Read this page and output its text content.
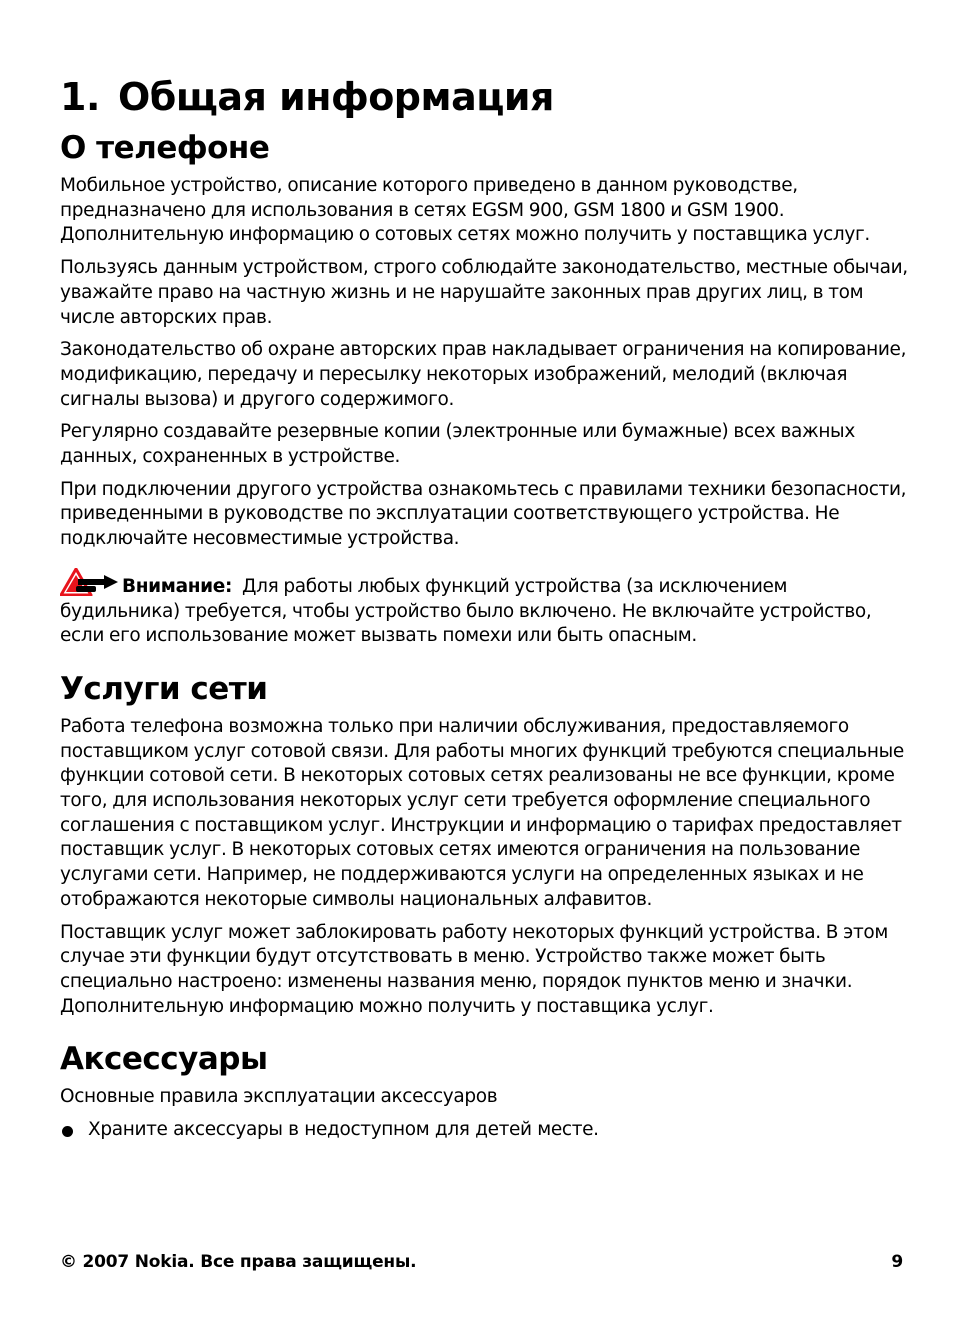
1. Общая информация
О телефоне

Мобильное устройство, описание которого приведено в данном руководстве, предназначено для использования в сетях EGSM 900, GSM 1800 и GSM 1900. Дополнительную информацию о сотовых сетях можно получить у поставщика услуг.

Пользуясь данным устройством, строго соблюдайте законодательство, местные обычаи, уважайте право на частную жизнь и не нарушайте законных прав других лиц, в том числе авторских прав.

Законодательство об охране авторских прав накладывает ограничения на копирование, модификацию, передачу и пересылку некоторых изображений, мелодий (включая сигналы вызова) и другого содержимого.

Регулярно создавайте резервные копии (электронные или бумажные) всех важных данных, сохраненных в устройстве.

При подключении другого устройства ознакомьтесь с правилами техники безопасности, приведенными в руководстве по эксплуатации соответствующего устройства. Не подключайте несовместимые устройства.

Внимание: Для работы любых функций устройства (за исключением будильника) требуется, чтобы устройство было включено. Не включайте устройство, если его использование может вызвать помехи или быть опасным.

Услуги сети

Работа телефона возможна только при наличии обслуживания, предоставляемого поставщиком услуг сотовой связи. Для работы многих функций требуются специальные функции сотовой сети. В некоторых сотовых сетях реализованы не все функции, кроме того, для использования некоторых услуг сети требуется оформление специального соглашения с поставщиком услуг. Инструкции и информацию о тарифах предоставляет поставщик услуг. В некоторых сотовых сетях имеются ограничения на пользование услугами сети. Например, не поддерживаются услуги на определенных языках и не отображаются некоторые символы национальных алфавитов.

Поставщик услуг может заблокировать работу некоторых функций устройства. В этом случае эти функции будут отсутствовать в меню. Устройство также может быть специально настроено: изменены названия меню, порядок пунктов меню и значки. Дополнительную информацию можно получить у поставщика услуг.

Аксессуары

Основные правила эксплуатации аксессуаров

Храните аксессуары в недоступном для детей месте.
© 2007 Nokia. Все права защищены.	9
